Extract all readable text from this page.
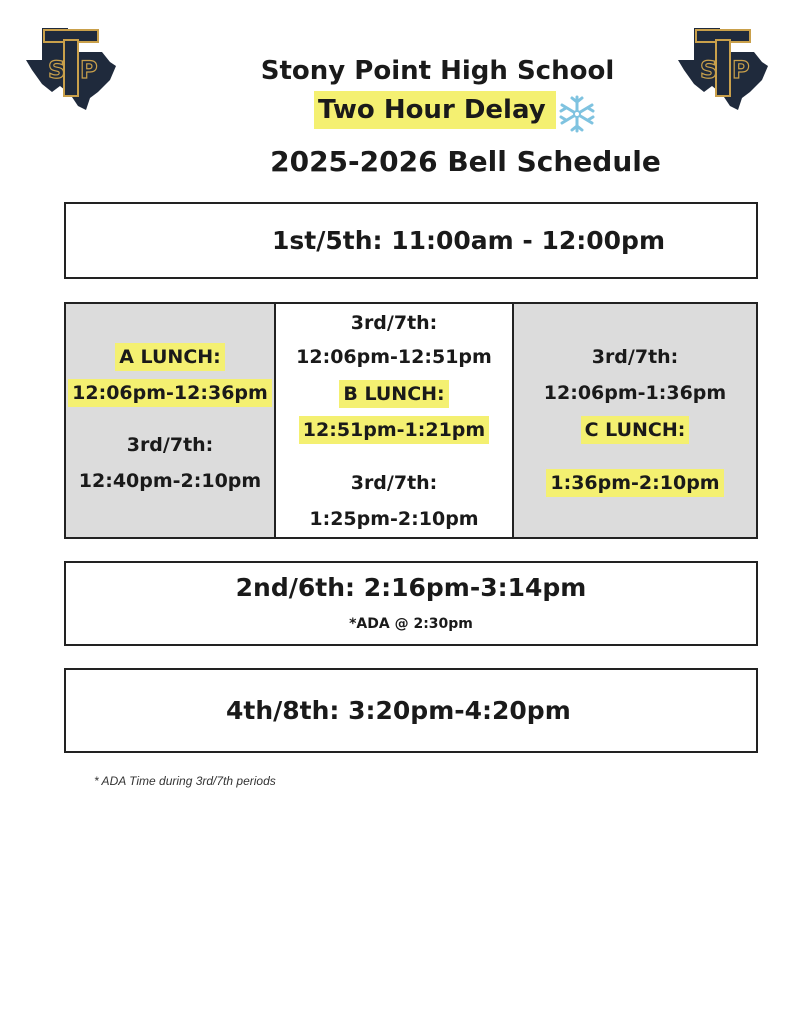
S P	S P
Stony Point High School
Two Hour Delay
2025-2026 Bell Schedule
1st/5th: 11:00am - 12:00pm
A LUNCH:
12:06pm-12:36pm
3rd/7th:
12:40pm-2:10pm
3rd/7th:
12:06pm-12:51pm
B LUNCH:
12:51pm-1:21pm
3rd/7th:
1:25pm-2:10pm
3rd/7th:
12:06pm-1:36pm
C LUNCH:
1:36pm-2:10pm
2nd/6th: 2:16pm-3:14pm
*ADA @ 2:30pm
4th/8th: 3:20pm-4:20pm
* ADA Time during 3rd/7th periods
